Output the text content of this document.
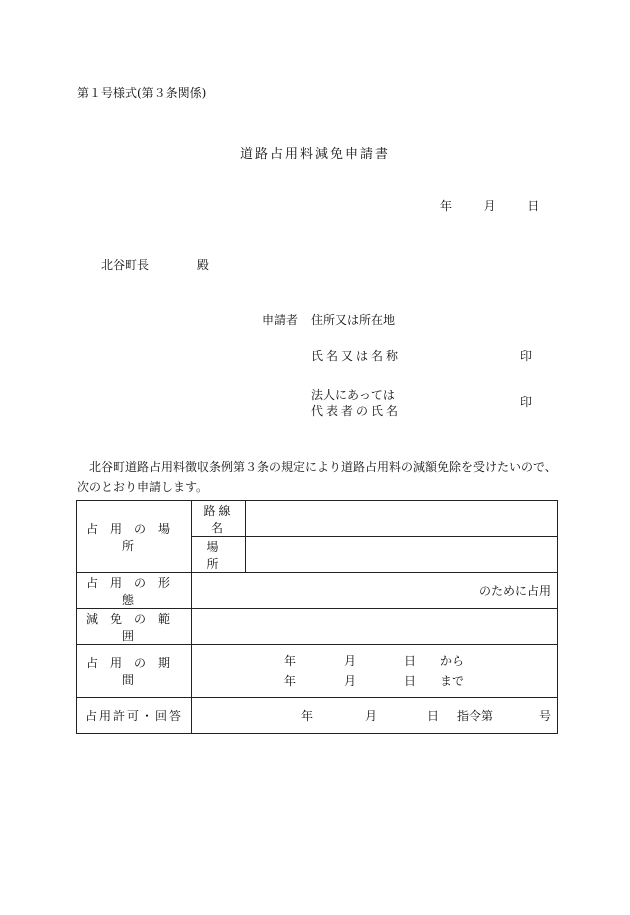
第１号様式(第３条関係)
道路占用料減免申請書
年	月	日
北谷町長	殿
申請者 住所又は所在地
氏名又は名称	印
法人にあっては
代表者の氏名
印
北谷町道路占用料徴収条例第３条の規定により道路占用料の減額免除を受けたいので、次のとおり申請します。
占用の場所	路線名	
	場所	
占用の形態	のために占用	
減免の範囲		
占用の期間	年 月 日 から
年 月 日 まで	

占用許可・回答	年 月 日 指令第 号	
